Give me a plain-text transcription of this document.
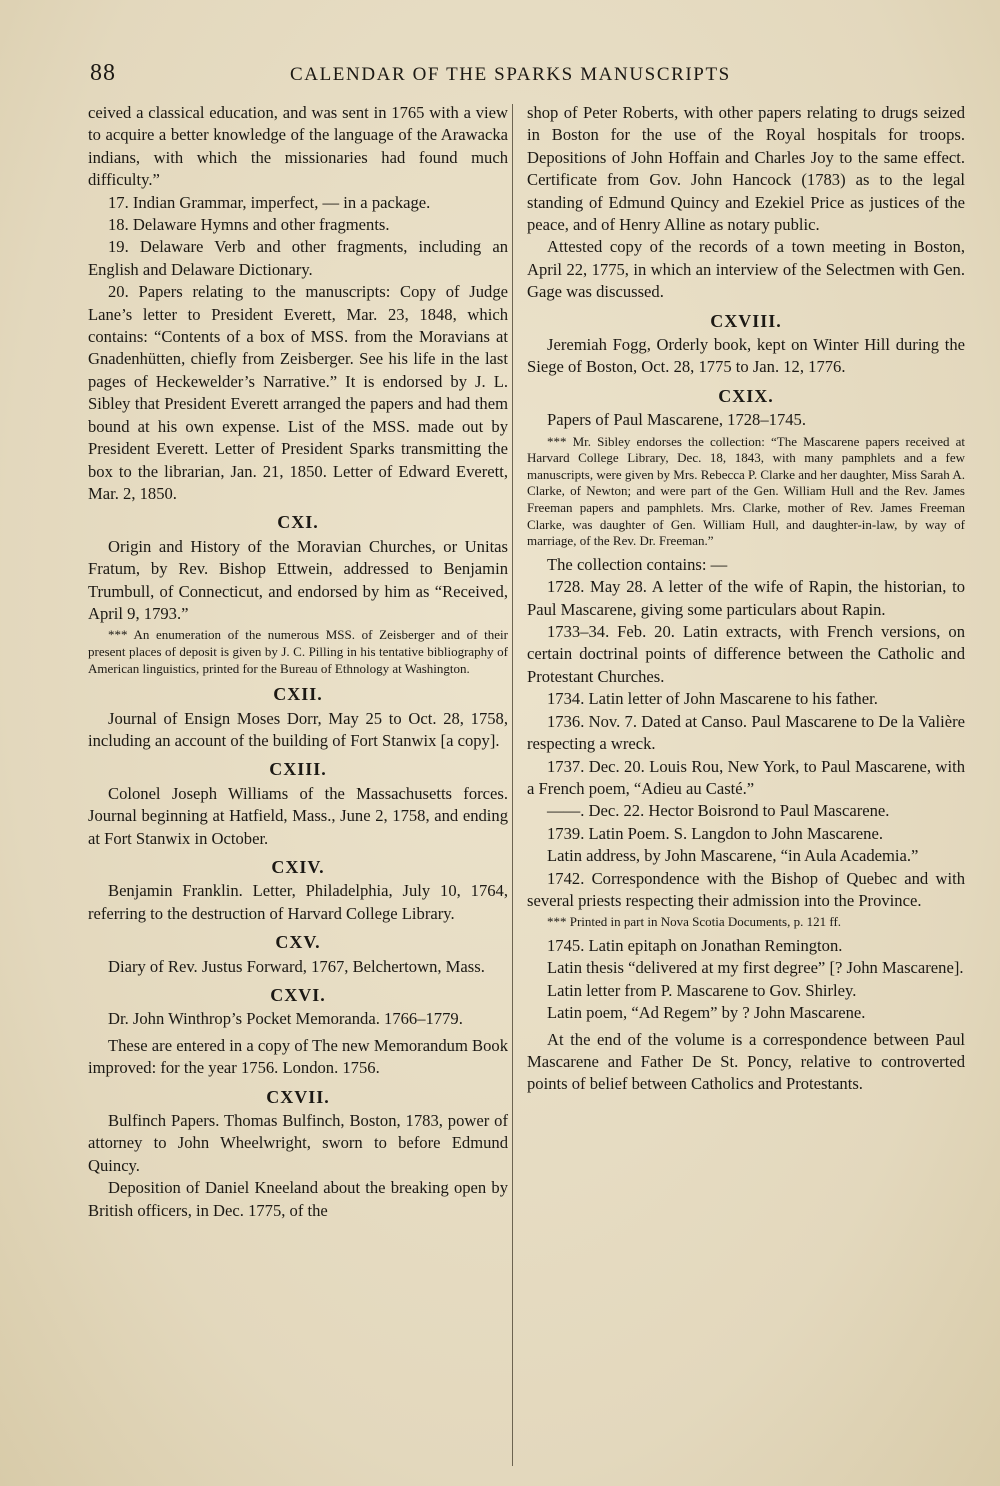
88	CALENDAR OF THE SPARKS MANUSCRIPTS

ceived a classical education, and was sent in 1765 with a view to acquire a better knowledge of the language of the Arawacka indians, with which the missionaries had found much difficulty.”

17. Indian Grammar, imperfect, — in a package.

18. Delaware Hymns and other fragments.

19. Delaware Verb and other fragments, including an English and Delaware Dictionary.

20. Papers relating to the manuscripts: Copy of Judge Lane’s letter to President Everett, Mar. 23, 1848, which contains: “Contents of a box of MSS. from the Moravians at Gnadenhütten, chiefly from Zeisberger. See his life in the last pages of Heckewelder’s Narrative.” It is endorsed by J. L. Sibley that President Everett arranged the papers and had them bound at his own expense. List of the MSS. made out by President Everett. Letter of President Sparks transmitting the box to the librarian, Jan. 21, 1850. Letter of Edward Everett, Mar. 2, 1850.

CXI.

Origin and History of the Moravian Churches, or Unitas Fratum, by Rev. Bishop Ettwein, addressed to Benjamin Trumbull, of Connecticut, and endorsed by him as “Received, April 9, 1793.”

*** An enumeration of the numerous MSS. of Zeisberger and of their present places of deposit is given by J. C. Pilling in his tentative bibliography of American linguistics, printed for the Bureau of Ethnology at Washington.

CXII.

Journal of Ensign Moses Dorr, May 25 to Oct. 28, 1758, including an account of the building of Fort Stanwix [a copy].

CXIII.

Colonel Joseph Williams of the Massachusetts forces. Journal beginning at Hatfield, Mass., June 2, 1758, and ending at Fort Stanwix in October.

CXIV.

Benjamin Franklin. Letter, Philadelphia, July 10, 1764, referring to the destruction of Harvard College Library.

CXV.

Diary of Rev. Justus Forward, 1767, Belchertown, Mass.

CXVI.

Dr. John Winthrop’s Pocket Memoranda. 1766–1779.

These are entered in a copy of The new Memorandum Book improved: for the year 1756. London. 1756.

CXVII.

Bulfinch Papers. Thomas Bulfinch, Boston, 1783, power of attorney to John Wheelwright, sworn to before Edmund Quincy.

Deposition of Daniel Kneeland about the breaking open by British officers, in Dec. 1775, of the

shop of Peter Roberts, with other papers relating to drugs seized in Boston for the use of the Royal hospitals for troops. Depositions of John Hoffain and Charles Joy to the same effect. Certificate from Gov. John Hancock (1783) as to the legal standing of Edmund Quincy and Ezekiel Price as justices of the peace, and of Henry Alline as notary public.

Attested copy of the records of a town meeting in Boston, April 22, 1775, in which an interview of the Selectmen with Gen. Gage was discussed.

CXVIII.

Jeremiah Fogg, Orderly book, kept on Winter Hill during the Siege of Boston, Oct. 28, 1775 to Jan. 12, 1776.

CXIX.

Papers of Paul Mascarene, 1728–1745.

*** Mr. Sibley endorses the collection: “The Mascarene papers received at Harvard College Library, Dec. 18, 1843, with many pamphlets and a few manuscripts, were given by Mrs. Rebecca P. Clarke and her daughter, Miss Sarah A. Clarke, of Newton; and were part of the Gen. William Hull and the Rev. James Freeman papers and pamphlets. Mrs. Clarke, mother of Rev. James Freeman Clarke, was daughter of Gen. William Hull, and daughter-in-law, by way of marriage, of the Rev. Dr. Freeman.”

The collection contains: —

1728. May 28. A letter of the wife of Rapin, the historian, to Paul Mascarene, giving some particulars about Rapin.

1733–34. Feb. 20. Latin extracts, with French versions, on certain doctrinal points of difference between the Catholic and Protestant Churches.

1734. Latin letter of John Mascarene to his father.

1736. Nov. 7. Dated at Canso. Paul Mascarene to De la Valière respecting a wreck.

1737. Dec. 20. Louis Rou, New York, to Paul Mascarene, with a French poem, “Adieu au Casté.”

——. Dec. 22. Hector Boisrond to Paul Mascarene.

1739. Latin Poem. S. Langdon to John Mascarene.

Latin address, by John Mascarene, “in Aula Academia.”

1742. Correspondence with the Bishop of Quebec and with several priests respecting their admission into the Province.

*** Printed in part in Nova Scotia Documents, p. 121 ff.

1745. Latin epitaph on Jonathan Remington.

Latin thesis “delivered at my first degree” [? John Mascarene].

Latin letter from P. Mascarene to Gov. Shirley.

Latin poem, “Ad Regem” by ? John Mascarene.

At the end of the volume is a correspondence between Paul Mascarene and Father De St. Poncy, relative to controverted points of belief between Catholics and Protestants.
